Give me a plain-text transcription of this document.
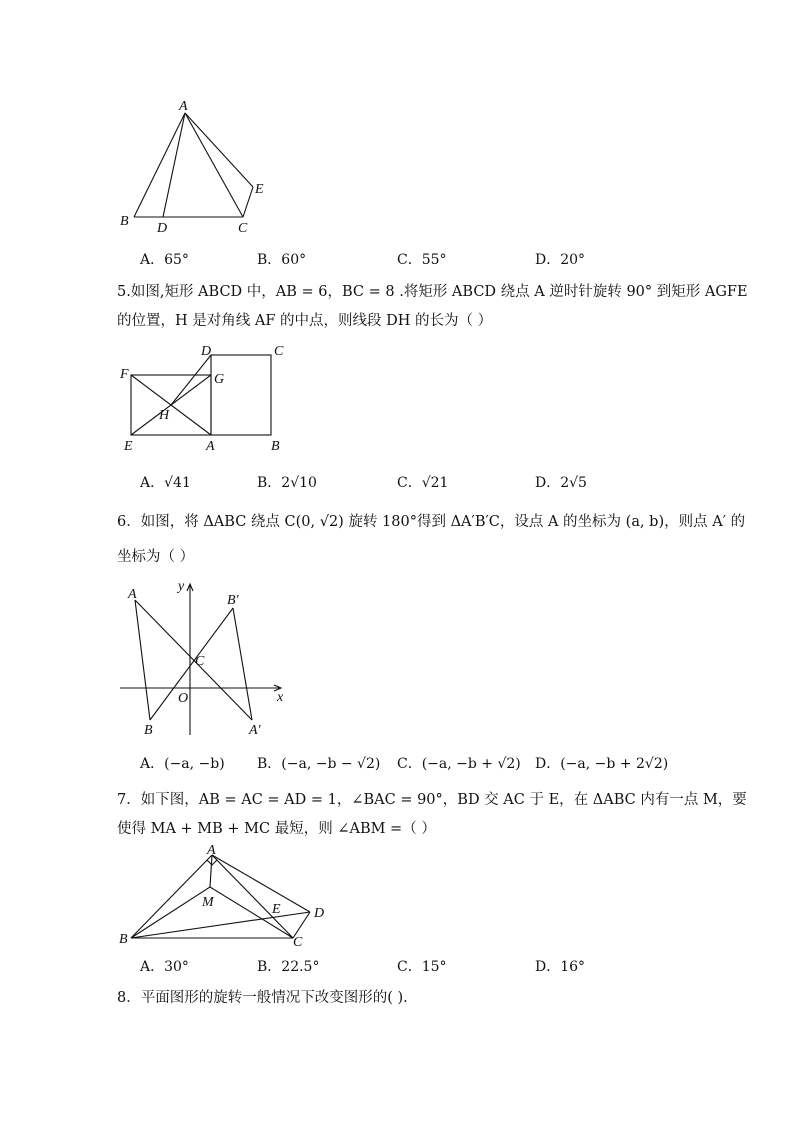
A
B D	C
E
A．65°	B．60°	C．55°	D．20°
5.如图,矩形 ABCD 中，AB = 6，BC = 8 .将矩形 ABCD 绕点 A 逆时针旋转 90° 到矩形 AGFE
的位置，H 是对角线 AF 的中点，则线段 DH 的长为（ ）
F
D	C
G
H
E	A	B
A．√41	B．2√10	C．√21	D．2√5
6．如图，将 ΔABC 绕点 C(0, √2) 旋转 180°得到 ΔA′B′C，设点 A 的坐标为 (a, b)，则点 A′ 的
坐标为（ ）
y
A	B′
C
O	x
B	A′
A．(−a, −b) B．(−a, −b − √2) C．(−a, −b + √2) D．(−a, −b + 2√2)
7．如下图，AB = AC = AD = 1，∠BAC = 90°，BD 交 AC 于 E，在 ΔABC 内有一点 M，要
使得 MA + MB + MC 最短，则 ∠ABM =（ ）
A
M	E D
B	C
A．30°	B．22.5°	C．15°	D．16°
8．平面图形的旋转一般情况下改变图形的( ).
